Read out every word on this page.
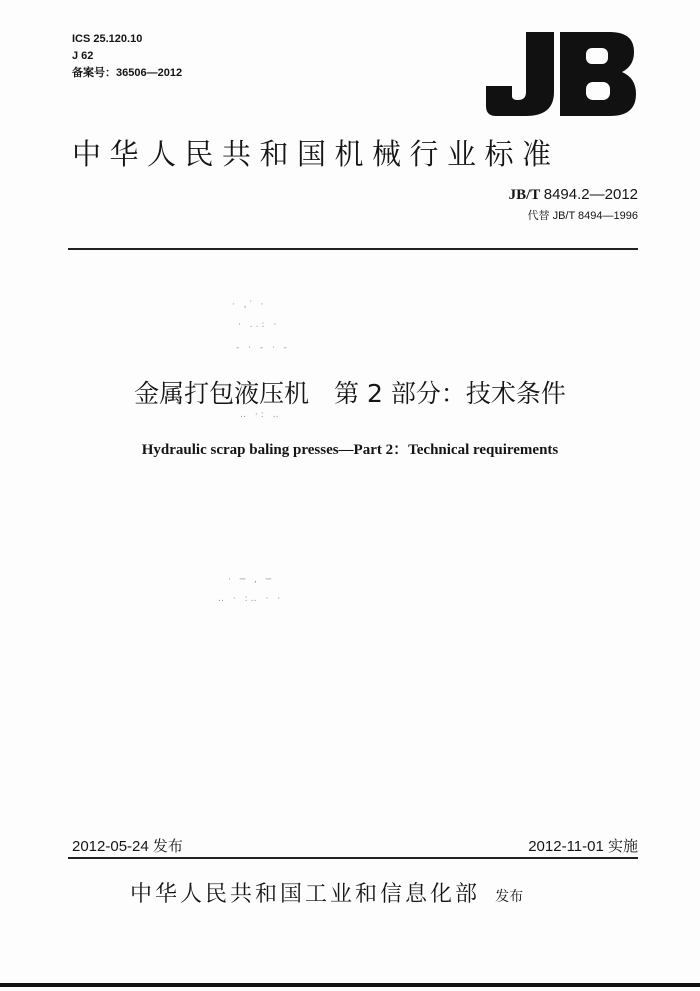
ICS 25.120.10
J 62
备案号：36506—2012
中华人民共和国机械行业标准
JB/T 8494.2—2012
代替 JB/T 8494—1996
· ,′ ·
· ..: ·
- · - · -
金属打包液压机　第 2 部分：技术条件
‥ ·: ‥
Hydraulic scrap baling presses—Part 2：Technical requirements
· ─ , ─
‥ · :‥ · ·
2012-05-24 发布	2012-11-01 实施
中华人民共和国工业和信息化部 发布
